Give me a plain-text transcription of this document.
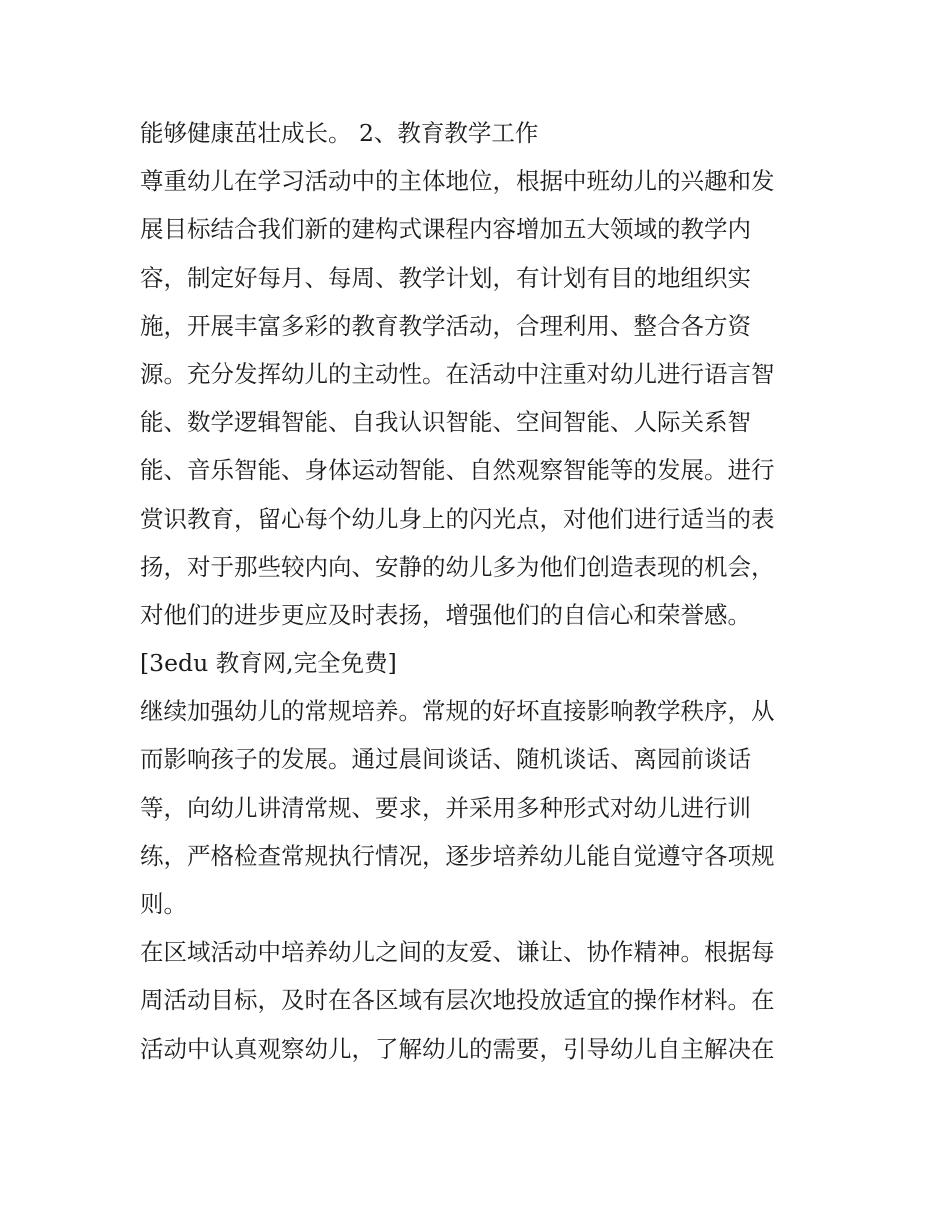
能够健康茁壮成长。 2、教育教学工作
尊重幼儿在学习活动中的主体地位，根据中班幼儿的兴趣和发
展目标结合我们新的建构式课程内容增加五大领域的教学内
容，制定好每月、每周、教学计划，有计划有目的地组织实
施，开展丰富多彩的教育教学活动，合理利用、整合各方资
源。充分发挥幼儿的主动性。在活动中注重对幼儿进行语言智
能、数学逻辑智能、自我认识智能、空间智能、人际关系智
能、音乐智能、身体运动智能、自然观察智能等的发展。进行
赏识教育，留心每个幼儿身上的闪光点，对他们进行适当的表
扬，对于那些较内向、安静的幼儿多为他们创造表现的机会，
对他们的进步更应及时表扬，增强他们的自信心和荣誉感。
[3edu 教育网,完全免费]
继续加强幼儿的常规培养。常规的好坏直接影响教学秩序，从
而影响孩子的发展。通过晨间谈话、随机谈话、离园前谈话
等，向幼儿讲清常规、要求，并采用多种形式对幼儿进行训
练，严格检查常规执行情况，逐步培养幼儿能自觉遵守各项规
则。
在区域活动中培养幼儿之间的友爱、谦让、协作精神。根据每
周活动目标，及时在各区域有层次地投放适宜的操作材料。在
活动中认真观察幼儿，了解幼儿的需要，引导幼儿自主解决在
